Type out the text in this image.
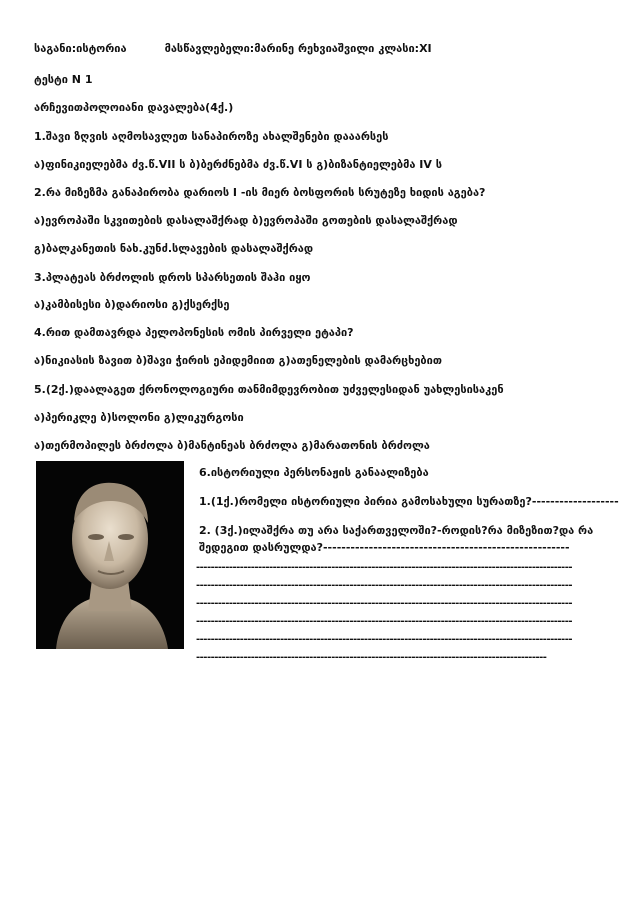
საგანი:ისტორია	მასწავლებელი:მარინე რეხვიაშვილი კლასი:XI
ტესტი N 1
არჩევითპოლოიანი დავალება(4ქ.)
1.შავი ზღვის აღმოსავლეთ სანაპიროზე ახალშენები დააარსეს
ა)ფინიკიელებმა ძვ.წ.VII ს ბ)ბერძნებმა ძვ.წ.VI ს გ)ბიზანტიელებმა IV ს
2.რა მიზეზმა განაპირობა დარიოს I -ის მიერ ბოსფორის სრუტეზე ხიდის აგება?
ა)ევროპაში სკვითების დასალაშქრად ბ)ევროპაში გოთების დასალაშქრად
გ)ბალკანეთის ნახ.კუნძ.სლავების დასალაშქრად
3.პლატეას ბრძოლის დროს სპარსეთის შაჰი იყო
ა)კამბისესი ბ)დარიოსი გ)ქსერქსე
4.რით დამთავრდა პელოპონესის ომის პირველი ეტაპი?
ა)ნიკიასის ზავით ბ)შავი ჭირის ეპიდემიით გ)ათენელების დამარცხებით
5.(2ქ.)დაალაგეთ ქრონოლოგიური თანმიმდევრობით უძველესიდან უახლესისაკენ
ა)პერიკლე ბ)სოლონი გ)ლიკურგოსი
ა)თერმოპილეს ბრძოლა ბ)მანტინეას ბრძოლა გ)მარათონის ბრძოლა
6.ისტორიული პერსონაჟის განაალიზება
1.(1ქ.)რომელი ისტორიული პირია გამოსახული სურათზე?-------------------
2. (3ქ.)ილაშქრა თუ არა საქართველოში?-როდის?რა მიზეზით?და რა
შედეგით დასრულდა?------------------------------------------------------
-------------------------------------------------------------------------------------------------------
-------------------------------------------------------------------------------------------------------
-------------------------------------------------------------------------------------------------------
-------------------------------------------------------------------------------------------------------
-------------------------------------------------------------------------------------------------------
------------------------------------------------------------------------------------------------
